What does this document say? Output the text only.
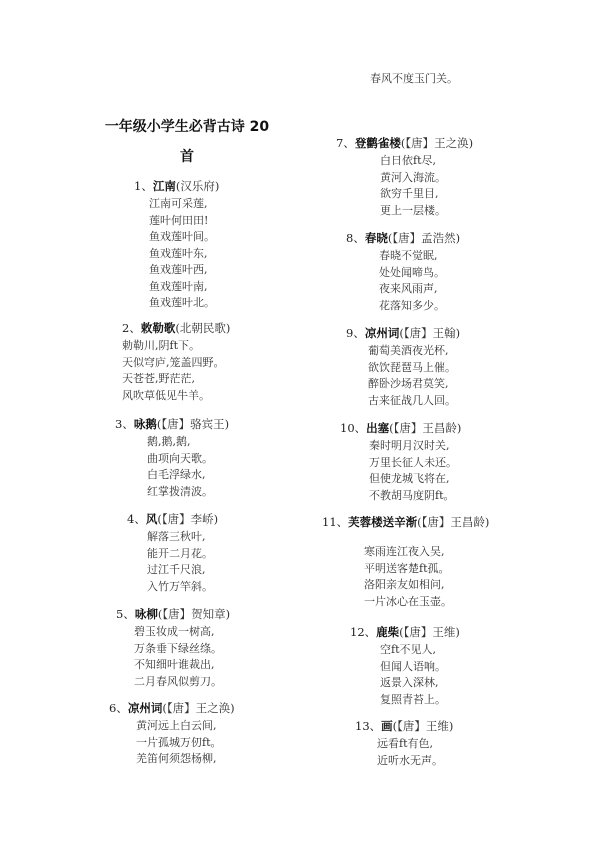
春风不度玉门关。
一年级小学生必背古诗 20
首
1、江南(汉乐府)
江南可采莲,
莲叶何田田!
鱼戏莲叶间。
鱼戏莲叶东,
鱼戏莲叶西,
鱼戏莲叶南,
鱼戏莲叶北。
2、敕勒歌(北朝民歌)
勅勒川,阴ft下。
天似穹庐,笼盖四野。
天苍苍,野茫茫,
风吹草低见牛羊。
3、咏鹅(【唐】骆宾王)
鹅,鹅,鹅,
曲项向天歌。
白毛浮绿水,
红掌拨清波。
4、风(【唐】李峤)
解落三秋叶,
能开二月花。
过江千尺浪,
入竹万竿斜。
5、咏柳(【唐】贺知章)
碧玉妆成一树高,
万条垂下绿丝绦。
不知细叶谁裁出,
二月春风似剪刀。
6、凉州词(【唐】王之涣)
黄河远上白云间,
一片孤城万仞ft。
羌笛何须怨杨柳,
7、登鹳雀楼(【唐】王之涣)
白日依ft尽,
黄河入海流。
欲穷千里目,
更上一层楼。
8、春晓(【唐】孟浩然)
春晓不觉眠,
处处闻啼鸟。
夜来风雨声,
花落知多少。
9、凉州词(【唐】王翰)
葡萄美酒夜光杯,
欲饮琵琶马上催。
醉卧沙场君莫笑,
古来征战几人回。
10、出塞(【唐】王昌龄)
秦时明月汉时关,
万里长征人未还。
但使龙城飞将在,
不教胡马度阴ft。
11、芙蓉楼送辛渐(【唐】王昌龄)
寒雨连江夜入吴,
平明送客楚ft孤。
洛阳亲友如相问,
一片冰心在玉壶。
12、鹿柴(【唐】王维)
空ft不见人,
但闻人语响。
返景入深林,
复照青苔上。
13、画(【唐】王维)
远看ft有色,
近听水无声。
